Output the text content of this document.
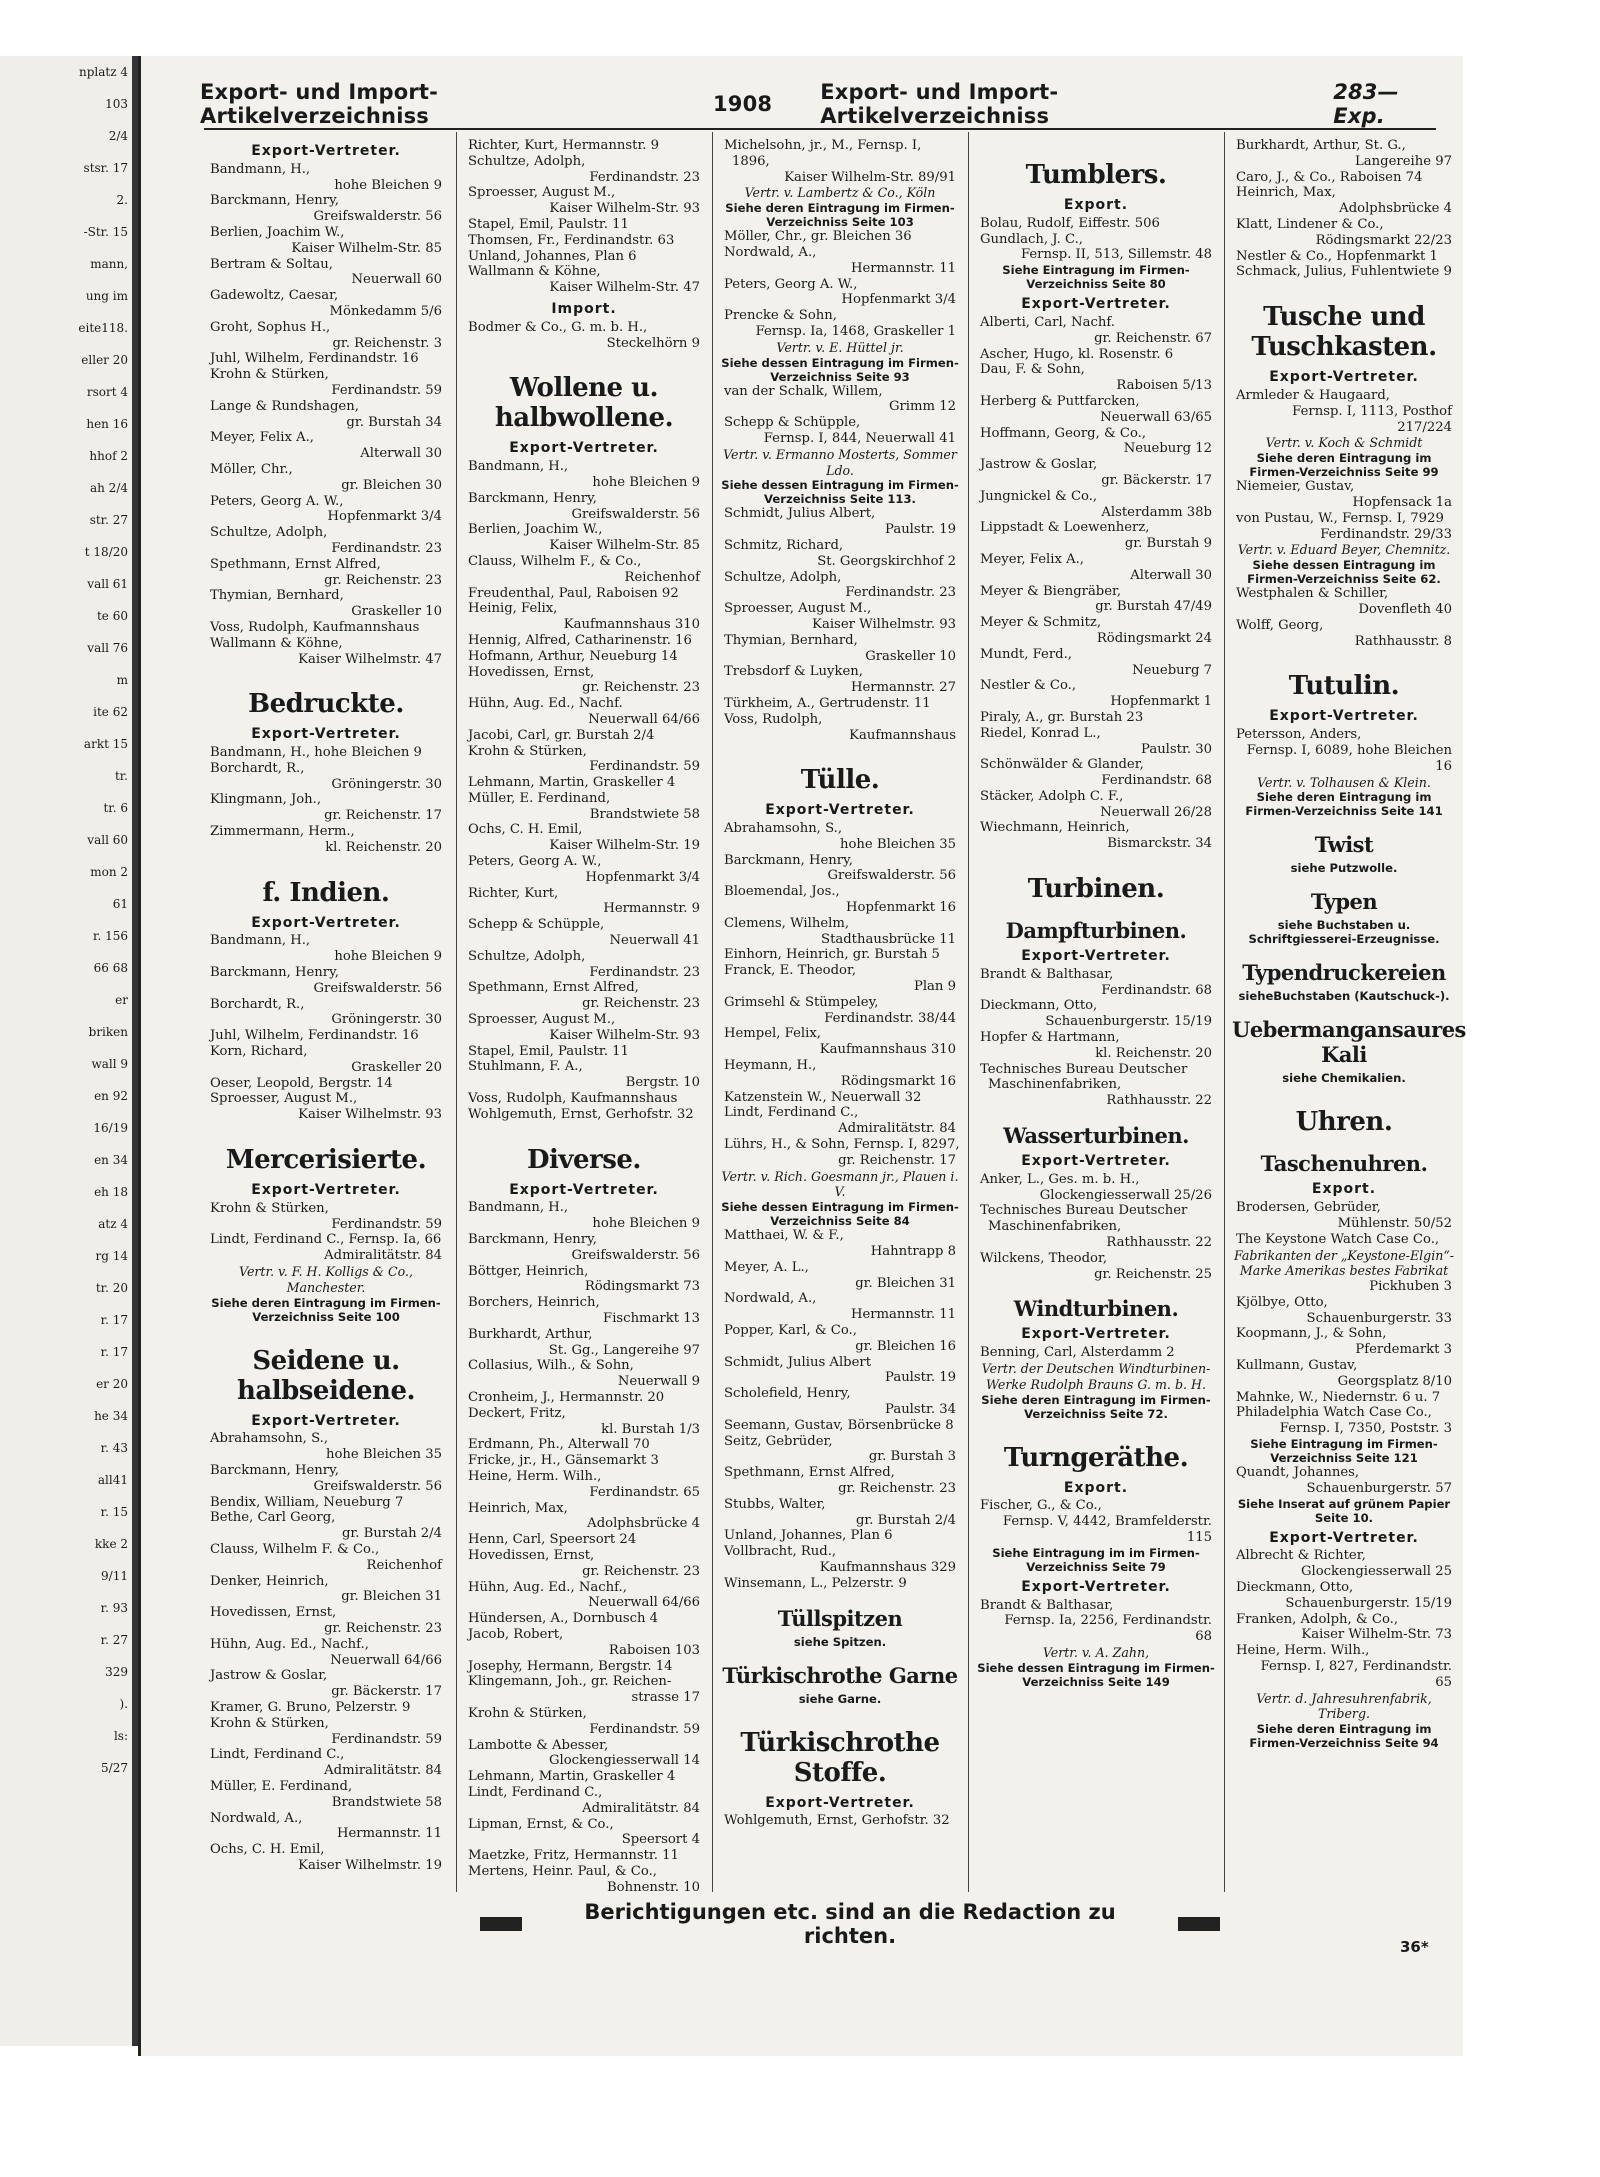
nplatz 4
103
2/4
stsr. 17
2.
-Str. 15
mann,
ung im
eite118.
eller 20
rsort 4
hen 16
hhof 2
ah 2/4
str. 27
t 18/20
vall 61
te 60
vall 76
m
ite 62
arkt 15
tr.
tr. 6
vall 60
mon 2
61
r. 156
66 68
er
briken
wall 9
en 92
16/19
en 34
eh 18
atz 4
rg 14
tr. 20
r. 17
r. 17
er 20
he 34
r. 43
all41
r. 15
kke 2
9/11
r. 93
r. 27
329
).
ls:
5/27
Export- und Import-Artikelverzeichniss	1908 Export- und Import-Artikelverzeichniss
283—Exp.
Export-Vertreter.
Bandmann, H.,
hohe Bleichen 9
Barckmann, Henry,
Greifswalderstr. 56
Berlien, Joachim W.,
Kaiser Wilhelm-Str. 85
Bertram & Soltau,
Neuerwall 60
Gadewoltz, Caesar,
Mönkedamm 5/6
Groht, Sophus H.,
gr. Reichenstr. 3
Juhl, Wilhelm, Ferdinandstr. 16
Krohn & Stürken,
Ferdinandstr. 59
Lange & Rundshagen,
gr. Burstah 34
Meyer, Felix A.,
Alterwall 30
Möller, Chr.,
gr. Bleichen 30
Peters, Georg A. W.,
Hopfenmarkt 3/4
Schultze, Adolph,
Ferdinandstr. 23
Spethmann, Ernst Alfred,
gr. Reichenstr. 23
Thymian, Bernhard,
Graskeller 10
Voss, Rudolph, Kaufmannshaus
Wallmann & Köhne,
Kaiser Wilhelmstr. 47
Bedruckte.
Export-Vertreter.
Bandmann, H., hohe Bleichen 9
Borchardt, R.,
Gröningerstr. 30
Klingmann, Joh.,
gr. Reichenstr. 17
Zimmermann, Herm.,
kl. Reichenstr. 20
f. Indien.
Export-Vertreter.
Bandmann, H.,
hohe Bleichen 9
Barckmann, Henry,
Greifswalderstr. 56
Borchardt, R.,
Gröningerstr. 30
Juhl, Wilhelm, Ferdinandstr. 16
Korn, Richard,
Graskeller 20
Oeser, Leopold, Bergstr. 14
Sproesser, August M.,
Kaiser Wilhelmstr. 93
Mercerisierte.
Export-Vertreter.
Krohn & Stürken,
Ferdinandstr. 59
Lindt, Ferdinand C., Fernsp. Ia, 66
Admiralitätstr. 84
Vertr. v. F. H. Kolligs & Co., Manchester.
Siehe deren Eintragung im Firmen-Verzeichniss Seite 100
Seidene u. halbseidene.
Export-Vertreter.
Abrahamsohn, S.,
hohe Bleichen 35
Barckmann, Henry,
Greifswalderstr. 56
Bendix, William, Neueburg 7
Bethe, Carl Georg,
gr. Burstah 2/4
Clauss, Wilhelm F. & Co.,
Reichenhof
Denker, Heinrich,
gr. Bleichen 31
Hovedissen, Ernst,
gr. Reichenstr. 23
Hühn, Aug. Ed., Nachf.,
Neuerwall 64/66
Jastrow & Goslar,
gr. Bäckerstr. 17
Kramer, G. Bruno, Pelzerstr. 9
Krohn & Stürken,
Ferdinandstr. 59
Lindt, Ferdinand C.,
Admiralitätstr. 84
Müller, E. Ferdinand,
Brandstwiete 58
Nordwald, A.,
Hermannstr. 11
Ochs, C. H. Emil,
Kaiser Wilhelmstr. 19
Richter, Kurt, Hermannstr. 9
Schultze, Adolph,
Ferdinandstr. 23
Sproesser, August M.,
Kaiser Wilhelm-Str. 93
Stapel, Emil, Paulstr. 11
Thomsen, Fr., Ferdinandstr. 63
Unland, Johannes, Plan 6
Wallmann & Köhne,
Kaiser Wilhelm-Str. 47
Import.
Bodmer & Co., G. m. b. H.,
Steckelhörn 9
Wollene u. halbwollene.
Export-Vertreter.
Bandmann, H.,
hohe Bleichen 9
Barckmann, Henry,
Greifswalderstr. 56
Berlien, Joachim W.,
Kaiser Wilhelm-Str. 85
Clauss, Wilhelm F., & Co.,
Reichenhof
Freudenthal, Paul, Raboisen 92
Heinig, Felix,
Kaufmannshaus 310
Hennig, Alfred, Catharinenstr. 16
Hofmann, Arthur, Neueburg 14
Hovedissen, Ernst,
gr. Reichenstr. 23
Hühn, Aug. Ed., Nachf.
Neuerwall 64/66
Jacobi, Carl, gr. Burstah 2/4
Krohn & Stürken,
Ferdinandstr. 59
Lehmann, Martin, Graskeller 4
Müller, E. Ferdinand,
Brandstwiete 58
Ochs, C. H. Emil,
Kaiser Wilhelm-Str. 19
Peters, Georg A. W.,
Hopfenmarkt 3/4
Richter, Kurt,
Hermannstr. 9
Schepp & Schüpple,
Neuerwall 41
Schultze, Adolph,
Ferdinandstr. 23
Spethmann, Ernst Alfred,
gr. Reichenstr. 23
Sproesser, August M.,
Kaiser Wilhelm-Str. 93
Stapel, Emil, Paulstr. 11
Stuhlmann, F. A.,
Bergstr. 10
Voss, Rudolph, Kaufmannshaus
Wohlgemuth, Ernst, Gerhofstr. 32
Diverse.
Export-Vertreter.
Bandmann, H.,
hohe Bleichen 9
Barckmann, Henry,
Greifswalderstr. 56
Böttger, Heinrich,
Rödingsmarkt 73
Borchers, Heinrich,
Fischmarkt 13
Burkhardt, Arthur,
St. Gg., Langereihe 97
Collasius, Wilh., & Sohn,
Neuerwall 9
Cronheim, J., Hermannstr. 20
Deckert, Fritz,
kl. Burstah 1/3
Erdmann, Ph., Alterwall 70
Fricke, jr., H., Gänsemarkt 3
Heine, Herm. Wilh.,
Ferdinandstr. 65
Heinrich, Max,
Adolphsbrücke 4
Henn, Carl, Speersort 24
Hovedissen, Ernst,
gr. Reichenstr. 23
Hühn, Aug. Ed., Nachf.,
Neuerwall 64/66
Hündersen, A., Dornbusch 4
Jacob, Robert,
Raboisen 103
Josephy, Hermann, Bergstr. 14
Klingemann, Joh., gr. Reichen-
strasse 17
Krohn & Stürken,
Ferdinandstr. 59
Lambotte & Abesser,
Glockengiesserwall 14
Lehmann, Martin, Graskeller 4
Lindt, Ferdinand C.,
Admiralitätstr. 84
Lipman, Ernst, & Co.,
Speersort 4
Maetzke, Fritz, Hermannstr. 11
Mertens, Heinr. Paul, & Co.,
Bohnenstr. 10
Michelsohn, jr., M., Fernsp. I, 1896,
Kaiser Wilhelm-Str. 89/91
Vertr. v. Lambertz & Co., Köln
Siehe deren Eintragung im Firmen-Verzeichniss Seite 103
Möller, Chr., gr. Bleichen 36
Nordwald, A.,
Hermannstr. 11
Peters, Georg A. W.,
Hopfenmarkt 3/4
Prencke & Sohn,
Fernsp. Ia, 1468, Graskeller 1
Vertr. v. E. Hüttel jr.
Siehe dessen Eintragung im Firmen-Verzeichniss Seite 93
van der Schalk, Willem,
Grimm 12
Schepp & Schüpple,
Fernsp. I, 844, Neuerwall 41
Vertr. v. Ermanno Mosterts, Sommer Ldo.
Siehe dessen Eintragung im Firmen-Verzeichniss Seite 113.
Schmidt, Julius Albert,
Paulstr. 19
Schmitz, Richard,
St. Georgskirchhof 2
Schultze, Adolph,
Ferdinandstr. 23
Sproesser, August M.,
Kaiser Wilhelmstr. 93
Thymian, Bernhard,
Graskeller 10
Trebsdorf & Luyken,
Hermannstr. 27
Türkheim, A., Gertrudenstr. 11
Voss, Rudolph,
Kaufmannshaus
Tülle.
Export-Vertreter.
Abrahamsohn, S.,
hohe Bleichen 35
Barckmann, Henry,
Greifswalderstr. 56
Bloemendal, Jos.,
Hopfenmarkt 16
Clemens, Wilhelm,
Stadthausbrücke 11
Einhorn, Heinrich, gr. Burstah 5
Franck, E. Theodor,
Plan 9
Grimsehl & Stümpeley,
Ferdinandstr. 38/44
Hempel, Felix,
Kaufmannshaus 310
Heymann, H.,
Rödingsmarkt 16
Katzenstein W., Neuerwall 32
Lindt, Ferdinand C.,
Admiralitätstr. 84
Lührs, H., & Sohn, Fernsp. I, 8297,
gr. Reichenstr. 17
Vertr. v. Rich. Goesmann jr., Plauen i. V.
Siehe dessen Eintragung im Firmen-Verzeichniss Seite 84
Matthaei, W. & F.,
Hahntrapp 8
Meyer, A. L.,
gr. Bleichen 31
Nordwald, A.,
Hermannstr. 11
Popper, Karl, & Co.,
gr. Bleichen 16
Schmidt, Julius Albert
Paulstr. 19
Scholefield, Henry,
Paulstr. 34
Seemann, Gustav, Börsenbrücke 8
Seitz, Gebrüder,
gr. Burstah 3
Spethmann, Ernst Alfred,
gr. Reichenstr. 23
Stubbs, Walter,
gr. Burstah 2/4
Unland, Johannes, Plan 6
Vollbracht, Rud.,
Kaufmannshaus 329
Winsemann, L., Pelzerstr. 9
Tüllspitzen
siehe Spitzen.
Türkischrothe Garne
siehe Garne.
Türkischrothe Stoffe.
Export-Vertreter.
Wohlgemuth, Ernst, Gerhofstr. 32
Tumblers.
Export.
Bolau, Rudolf, Eiffestr. 506
Gundlach, J. C.,
Fernsp. II, 513, Sillemstr. 48
Siehe Eintragung im Firmen-Verzeichniss Seite 80
Export-Vertreter.
Alberti, Carl, Nachf.
gr. Reichenstr. 67
Ascher, Hugo, kl. Rosenstr. 6
Dau, F. & Sohn,
Raboisen 5/13
Herberg & Puttfarcken,
Neuerwall 63/65
Hoffmann, Georg, & Co.,
Neueburg 12
Jastrow & Goslar,
gr. Bäckerstr. 17
Jungnickel & Co.,
Alsterdamm 38b
Lippstadt & Loewenherz,
gr. Burstah 9
Meyer, Felix A.,
Alterwall 30
Meyer & Biengräber,
gr. Burstah 47/49
Meyer & Schmitz,
Rödingsmarkt 24
Mundt, Ferd.,
Neueburg 7
Nestler & Co.,
Hopfenmarkt 1
Piraly, A., gr. Burstah 23
Riedel, Konrad L.,
Paulstr. 30
Schönwälder & Glander,
Ferdinandstr. 68
Stäcker, Adolph C. F.,
Neuerwall 26/28
Wiechmann, Heinrich,
Bismarckstr. 34
Turbinen.
Dampfturbinen.
Export-Vertreter.
Brandt & Balthasar,
Ferdinandstr. 68
Dieckmann, Otto,
Schauenburgerstr. 15/19
Hopfer & Hartmann,
kl. Reichenstr. 20
Technisches Bureau Deutscher Maschinenfabriken,
Rathhausstr. 22
Wasserturbinen.
Export-Vertreter.
Anker, L., Ges. m. b. H.,
Glockengiesserwall 25/26
Technisches Bureau Deutscher Maschinenfabriken,
Rathhausstr. 22
Wilckens, Theodor,
gr. Reichenstr. 25
Windturbinen.
Export-Vertreter.
Benning, Carl, Alsterdamm 2
Vertr. der Deutschen Windturbinen-Werke Rudolph Brauns G. m. b. H.
Siehe deren Eintragung im Firmen-Verzeichniss Seite 72.
Turngeräthe.
Export.
Fischer, G., & Co.,
Fernsp. V, 4442, Bramfelderstr. 115
Siehe Eintragung im im Firmen-Verzeichniss Seite 79
Export-Vertreter.
Brandt & Balthasar,
Fernsp. Ia, 2256, Ferdinandstr. 68
Vertr. v. A. Zahn,
Siehe dessen Eintragung im Firmen-Verzeichniss Seite 149
Burkhardt, Arthur, St. G.,
Langereihe 97
Caro, J., & Co., Raboisen 74
Heinrich, Max,
Adolphsbrücke 4
Klatt, Lindener & Co.,
Rödingsmarkt 22/23
Nestler & Co., Hopfenmarkt 1
Schmack, Julius, Fuhlentwiete 9
Tusche und Tuschkasten.
Export-Vertreter.
Armleder & Haugaard,
Fernsp. I, 1113, Posthof 217/224
Vertr. v. Koch & Schmidt
Siehe deren Eintragung im Firmen-Verzeichniss Seite 99
Niemeier, Gustav,
Hopfensack 1a
von Pustau, W., Fernsp. I, 7929
Ferdinandstr. 29/33
Vertr. v. Eduard Beyer, Chemnitz.
Siehe dessen Eintragung im Firmen-Verzeichniss Seite 62.
Westphalen & Schiller,
Dovenfleth 40
Wolff, Georg,
Rathhausstr. 8
Tutulin.
Export-Vertreter.
Petersson, Anders,
Fernsp. I, 6089, hohe Bleichen 16
Vertr. v. Tolhausen & Klein.
Siehe deren Eintragung im Firmen-Verzeichniss Seite 141
Twist
siehe Putzwolle.
Typen
siehe Buchstaben u. Schriftgiesserei-Erzeugnisse.
Typendruckereien
sieheBuchstaben (Kautschuck-).
Uebermangansaures Kali
siehe Chemikalien.
Uhren.
Taschenuhren.
Export.
Brodersen, Gebrüder,
Mühlenstr. 50/52
The Keystone Watch Case Co.,
Fabrikanten der „Keystone-Elgin“-Marke Amerikas bestes Fabrikat
Pickhuben 3
Kjölbye, Otto,
Schauenburgerstr. 33
Koopmann, J., & Sohn,
Pferdemarkt 3
Kullmann, Gustav,
Georgsplatz 8/10
Mahnke, W., Niedernstr. 6 u. 7
Philadelphia Watch Case Co.,
Fernsp. I, 7350, Poststr. 3
Siehe Eintragung im Firmen-Verzeichniss Seite 121
Quandt, Johannes,
Schauenburgerstr. 57
Siehe Inserat auf grünem Papier Seite 10.
Export-Vertreter.
Albrecht & Richter,
Glockengiesserwall 25
Dieckmann, Otto,
Schauenburgerstr. 15/19
Franken, Adolph, & Co.,
Kaiser Wilhelm-Str. 73
Heine, Herm. Wilh.,
Fernsp. I, 827, Ferdinandstr. 65
Vertr. d. Jahresuhrenfabrik, Triberg.
Siehe deren Eintragung im Firmen-Verzeichniss Seite 94
Berichtigungen etc. sind an die Redaction zu richten.	36*
